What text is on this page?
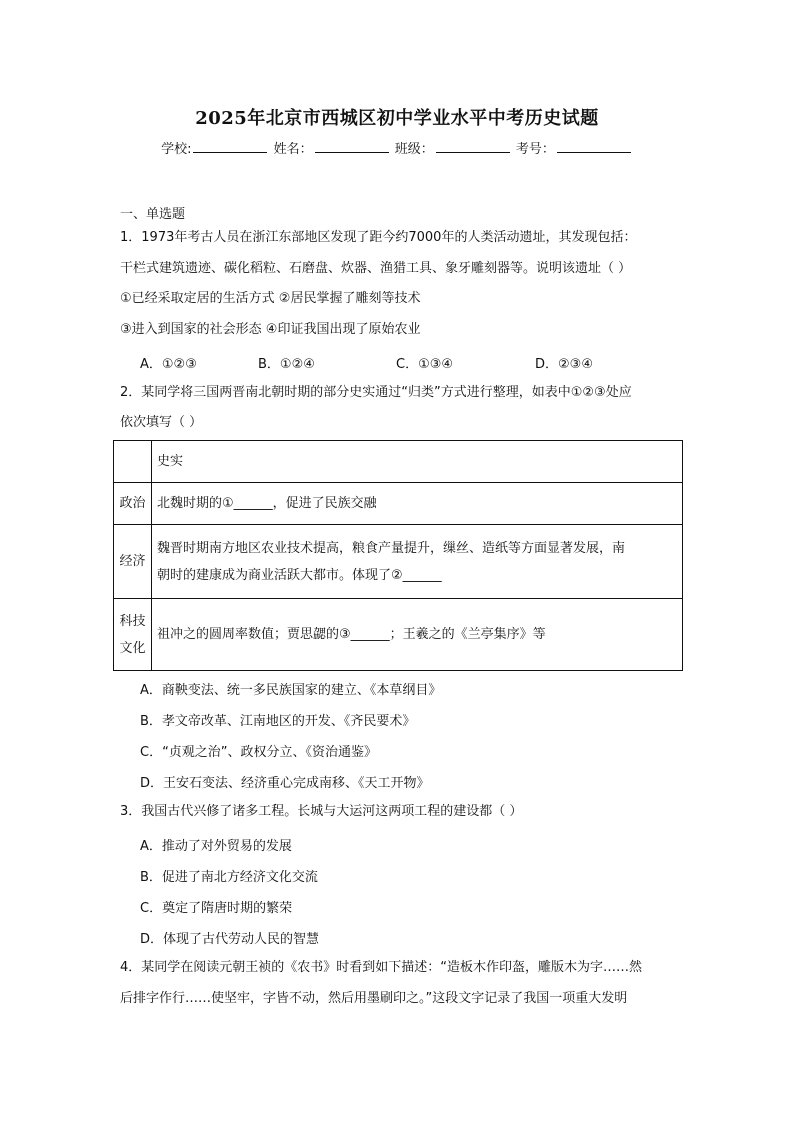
2025年北京市西城区初中学业水平中考历史试题
学校:	姓名：	班级：	考号：
一、单选题
1．1973年考古人员在浙江东部地区发现了距今约7000年的人类活动遗址，其发现包括：
干栏式建筑遗迹、碳化稻粒、石磨盘、炊器、渔猎工具、象牙雕刻器等。说明该遗址（ ）
①已经采取定居的生活方式 ②居民掌握了雕刻等技术
③进入到国家的社会形态 ④印证我国出现了原始农业
A．①②③	B．①②④	C．①③④	D．②③④
2．某同学将三国两晋南北朝时期的部分史实通过“归类”方式进行整理，如表中①②③处应
依次填写（ ）
	史实
政治	北魏时期的①______，促进了民族交融
经济	魏晋时期南方地区农业技术提高，粮食产量提升，缫丝、造纸等方面显著发展，南
朝时的建康成为商业活跃大都市。体现了②______

科技
文化	祖冲之的圆周率数值；贾思勰的③______；王羲之的《兰亭集序》等
A．商鞅变法、统一多民族国家的建立、《本草纲目》
B．孝文帝改革、江南地区的开发、《齐民要术》
C．“贞观之治”、政权分立、《资治通鉴》
D．王安石变法、经济重心完成南移、《天工开物》
3．我国古代兴修了诸多工程。长城与大运河这两项工程的建设都（ ）
A．推动了对外贸易的发展
B．促进了南北方经济文化交流
C．奠定了隋唐时期的繁荣
D．体现了古代劳动人民的智慧
4．某同学在阅读元朝王祯的《农书》时看到如下描述：“造板木作印盔，雕版木为字……然
后排字作行……使坚牢，字皆不动，然后用墨刷印之。”这段文字记录了我国一项重大发明
